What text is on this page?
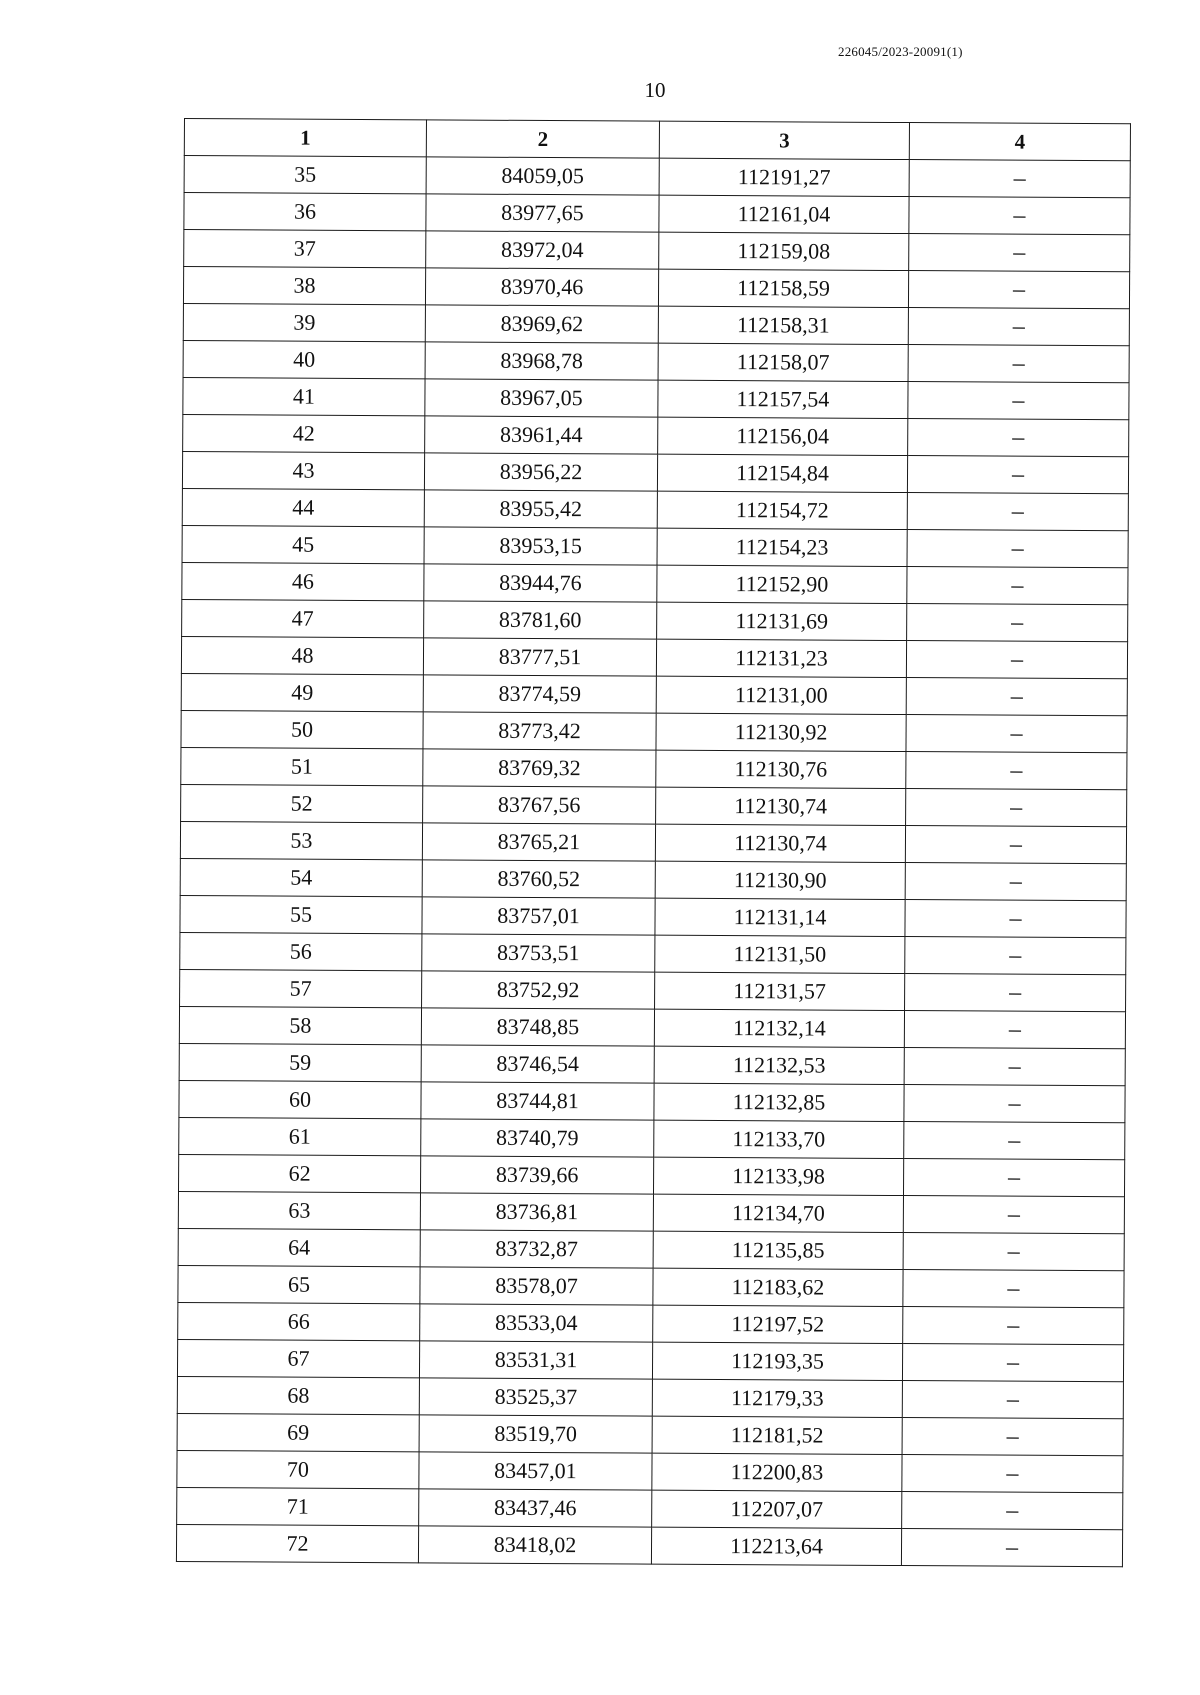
226045/2023-20091(1)
10
1	2	3	4
35	84059,05	112191,27	–
36	83977,65	112161,04	–
37	83972,04	112159,08	–
38	83970,46	112158,59	–
39	83969,62	112158,31	–
40	83968,78	112158,07	–
41	83967,05	112157,54	–
42	83961,44	112156,04	–
43	83956,22	112154,84	–
44	83955,42	112154,72	–
45	83953,15	112154,23	–
46	83944,76	112152,90	–
47	83781,60	112131,69	–
48	83777,51	112131,23	–
49	83774,59	112131,00	–
50	83773,42	112130,92	–
51	83769,32	112130,76	–
52	83767,56	112130,74	–
53	83765,21	112130,74	–
54	83760,52	112130,90	–
55	83757,01	112131,14	–
56	83753,51	112131,50	–
57	83752,92	112131,57	–
58	83748,85	112132,14	–
59	83746,54	112132,53	–
60	83744,81	112132,85	–
61	83740,79	112133,70	–
62	83739,66	112133,98	–
63	83736,81	112134,70	–
64	83732,87	112135,85	–
65	83578,07	112183,62	–
66	83533,04	112197,52	–
67	83531,31	112193,35	–
68	83525,37	112179,33	–
69	83519,70	112181,52	–
70	83457,01	112200,83	–
71	83437,46	112207,07	–
72	83418,02	112213,64	–
